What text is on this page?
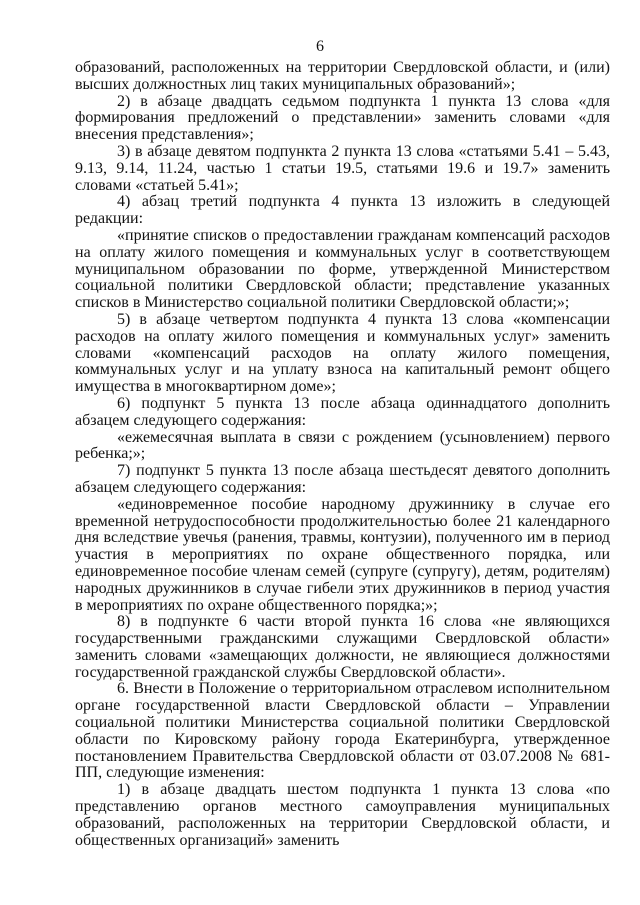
6

образований, расположенных на территории Свердловской области, и (или) высших должностных лиц таких муниципальных образований»;

2) в абзаце двадцать седьмом подпункта 1 пункта 13 слова «для формирования предложений о представлении» заменить словами «для внесения представления»;

3) в абзаце девятом подпункта 2 пункта 13 слова «статьями 5.41 – 5.43, 9.13, 9.14, 11.24, частью 1 статьи 19.5, статьями 19.6 и 19.7» заменить словами «статьей 5.41»;

4) абзац третий подпункта 4 пункта 13 изложить в следующей редакции:

«принятие списков о предоставлении гражданам компенсаций расходов на оплату жилого помещения и коммунальных услуг в соответствующем муниципальном образовании по форме, утвержденной Министерством социальной политики Свердловской области; представление указанных списков в Министерство социальной политики Свердловской области;»;

5) в абзаце четвертом подпункта 4 пункта 13 слова «компенсации расходов на оплату жилого помещения и коммунальных услуг» заменить словами «компенсаций расходов на оплату жилого помещения, коммунальных услуг и на уплату взноса на капитальный ремонт общего имущества в многоквартирном доме»;

6) подпункт 5 пункта 13 после абзаца одиннадцатого дополнить абзацем следующего содержания:

«ежемесячная выплата в связи с рождением (усыновлением) первого ребенка;»;

7) подпункт 5 пункта 13 после абзаца шестьдесят девятого дополнить абзацем следующего содержания:

«единовременное пособие народному дружиннику в случае его временной нетрудоспособности продолжительностью более 21 календарного дня вследствие увечья (ранения, травмы, контузии), полученного им в период участия в мероприятиях по охране общественного порядка, или единовременное пособие членам семей (супруге (супругу), детям, родителям) народных дружинников в случае гибели этих дружинников в период участия в мероприятиях по охране общественного порядка;»;

8) в подпункте 6 части второй пункта 16 слова «не являющихся государственными гражданскими служащими Свердловской области» заменить словами «замещающих должности, не являющиеся должностями государственной гражданской службы Свердловской области».

6. Внести в Положение о территориальном отраслевом исполнительном органе государственной власти Свердловской области – Управлении социальной политики Министерства социальной политики Свердловской области по Кировскому району города Екатеринбурга, утвержденное постановлением Правительства Свердловской области от 03.07.2008 № 681-ПП, следующие изменения:

1) в абзаце двадцать шестом подпункта 1 пункта 13 слова «по представлению органов местного самоуправления муниципальных образований, расположенных на территории Свердловской области, и общественных организаций» заменить
